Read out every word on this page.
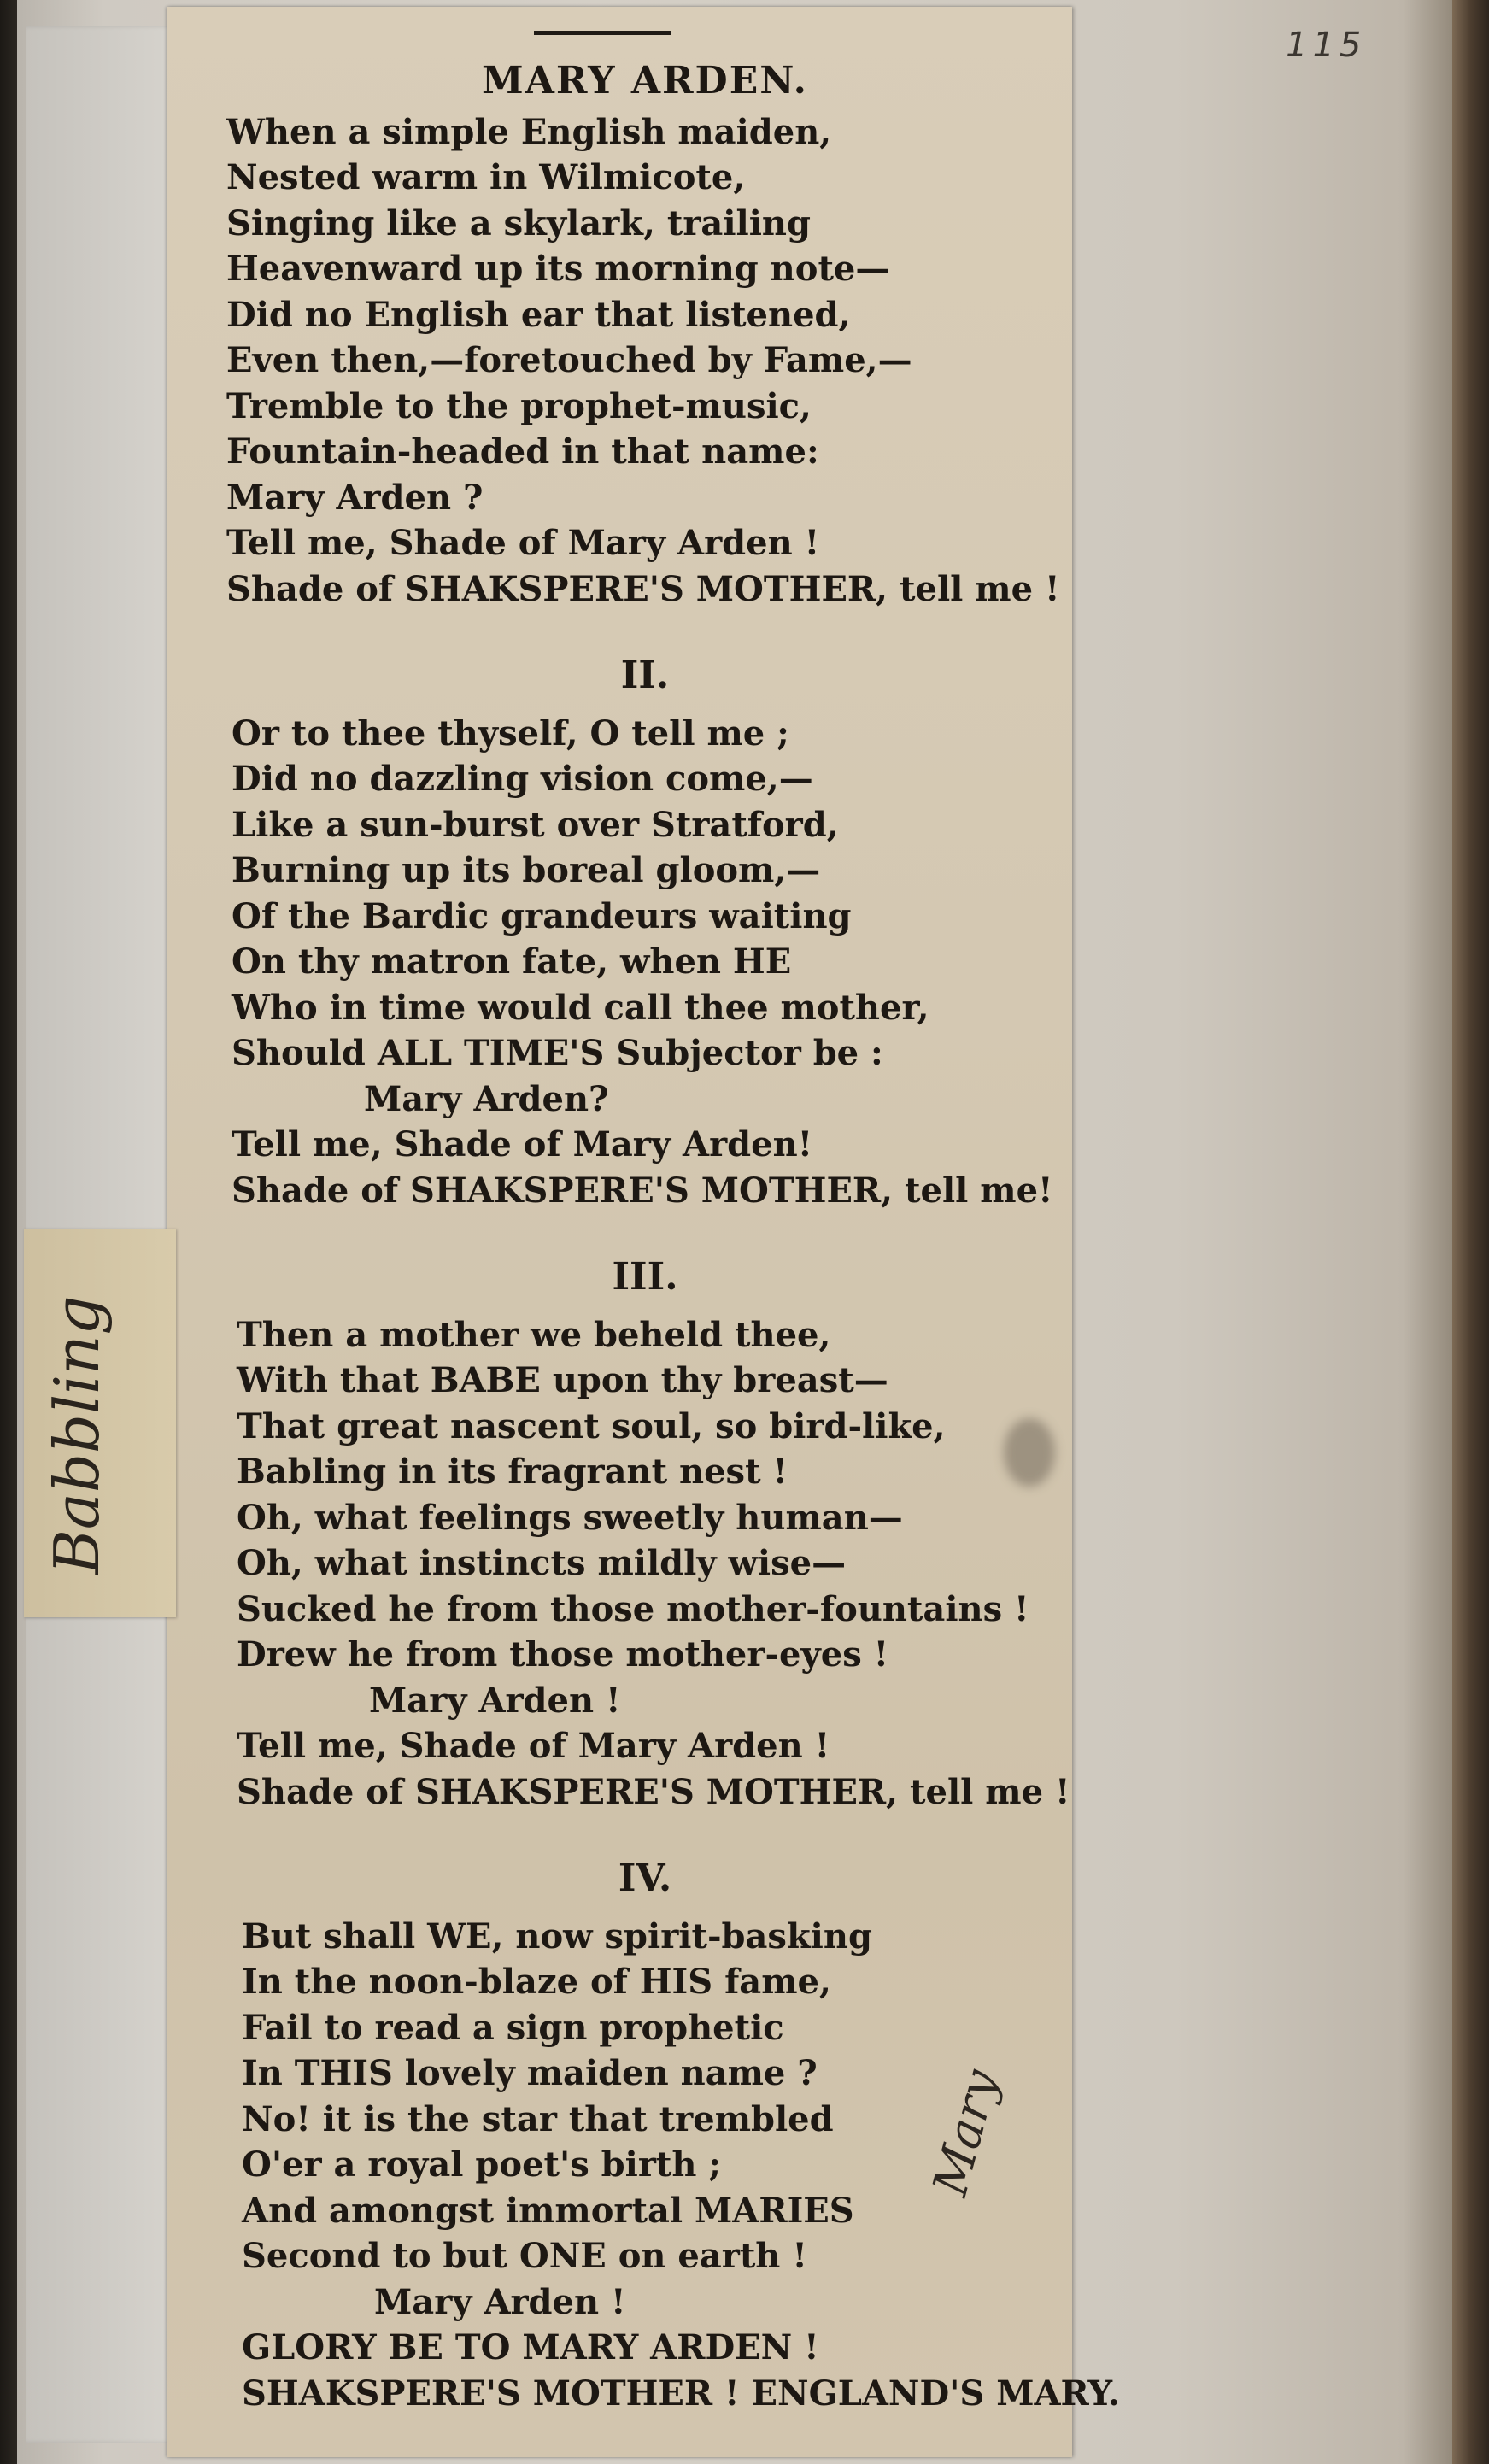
115
MARY ARDEN.
When a simple English maiden,
Nested warm in Wilmicote,
Singing like a skylark, trailing
Heavenward up its morning note—
Did no English ear that listened,
Even then,—foretouched by Fame,—
Tremble to the prophet-music,
Fountain-headed in that name:
Mary Arden ?
Tell me, Shade of Mary Arden !
Shade of SHAKSPERE'S MOTHER, tell me !
II.
Or to thee thyself, O tell me ;
Did no dazzling vision come,—
Like a sun-burst over Stratford,
Burning up its boreal gloom,—
Of the Bardic grandeurs waiting
On thy matron fate, when HE
Who in time would call thee mother,
Should ALL TIME'S Subjector be :
Mary Arden?
Tell me, Shade of Mary Arden!
Shade of SHAKSPERE'S MOTHER, tell me!
III.
Then a mother we beheld thee,
With that BABE upon thy breast—
That great nascent soul, so bird-like,
Babling in its fragrant nest !
Oh, what feelings sweetly human—
Oh, what instincts mildly wise—
Sucked he from those mother-fountains !
Drew he from those mother-eyes !
Mary Arden !
Tell me, Shade of Mary Arden !
Shade of SHAKSPERE'S MOTHER, tell me !
IV.
But shall WE, now spirit-basking
In the noon-blaze of HIS fame,
Fail to read a sign prophetic
In THIS lovely maiden name ?
No! it is the star that trembled
O'er a royal poet's birth ;
And amongst immortal MARIES
Second to but ONE on earth !
Mary Arden !
GLORY BE TO MARY ARDEN !
SHAKSPERE'S MOTHER ! ENGLAND'S MARY.
Babbling
Mary
